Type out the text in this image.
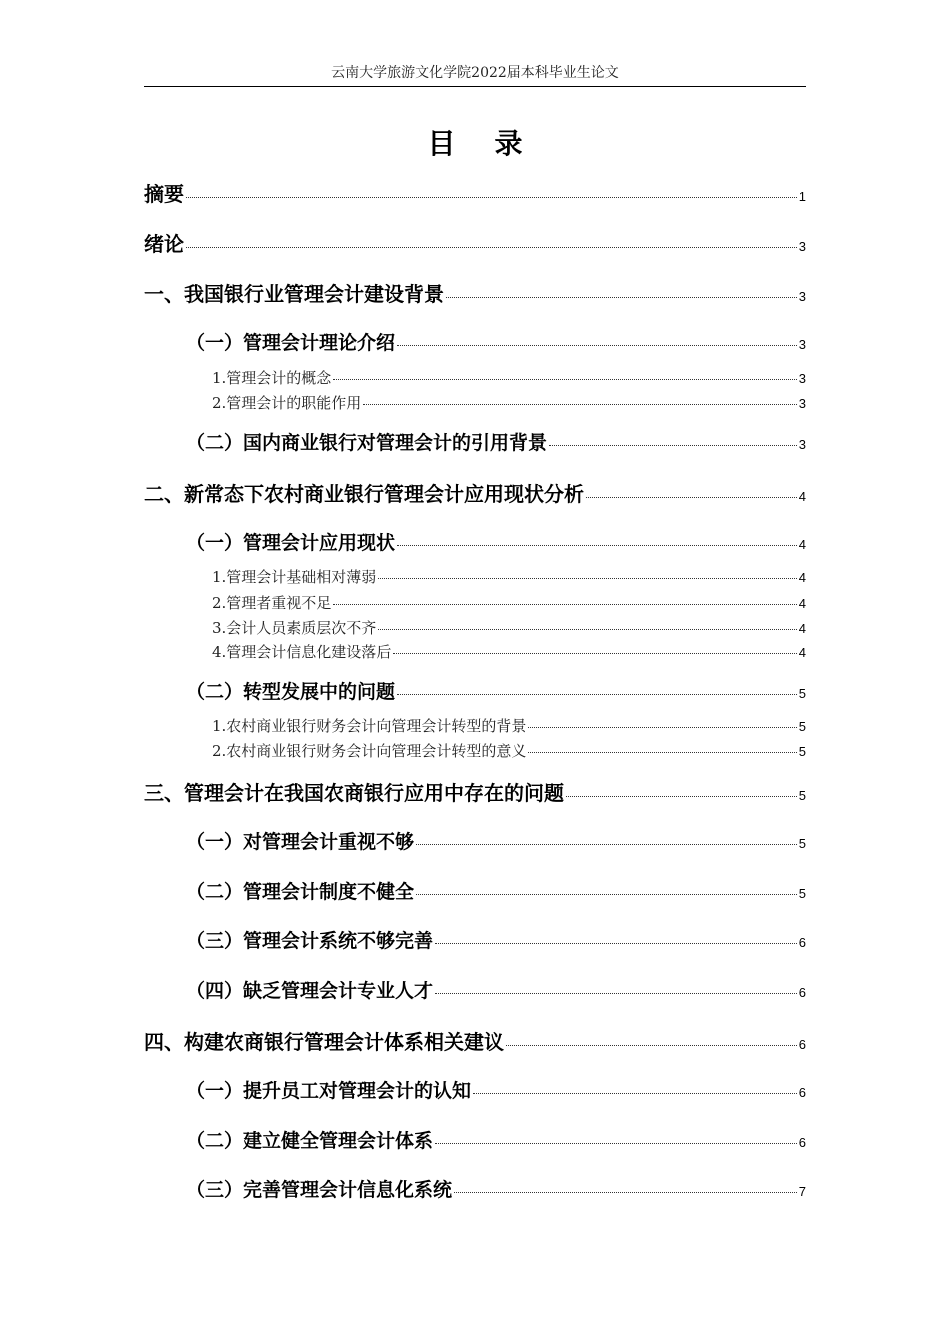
云南大学旅游文化学院2022届本科毕业生论文
目    录
摘要	1
绪论	3
一、我国银行业管理会计建设背景	3
（一）管理会计理论介绍	3
1.管理会计的概念	3
2.管理会计的职能作用	3
（二）国内商业银行对管理会计的引用背景	3
二、新常态下农村商业银行管理会计应用现状分析	4
（一）管理会计应用现状	4
1.管理会计基础相对薄弱	4
2.管理者重视不足	4
3.会计人员素质层次不齐	4
4.管理会计信息化建设落后	4
（二）转型发展中的问题	5
1.农村商业银行财务会计向管理会计转型的背景	5
2.农村商业银行财务会计向管理会计转型的意义	5
三、管理会计在我国农商银行应用中存在的问题	5
（一）对管理会计重视不够	5
（二）管理会计制度不健全	5
（三）管理会计系统不够完善	6
（四）缺乏管理会计专业人才	6
四、构建农商银行管理会计体系相关建议	6
（一）提升员工对管理会计的认知	6
（二）建立健全管理会计体系	6
（三）完善管理会计信息化系统	7
